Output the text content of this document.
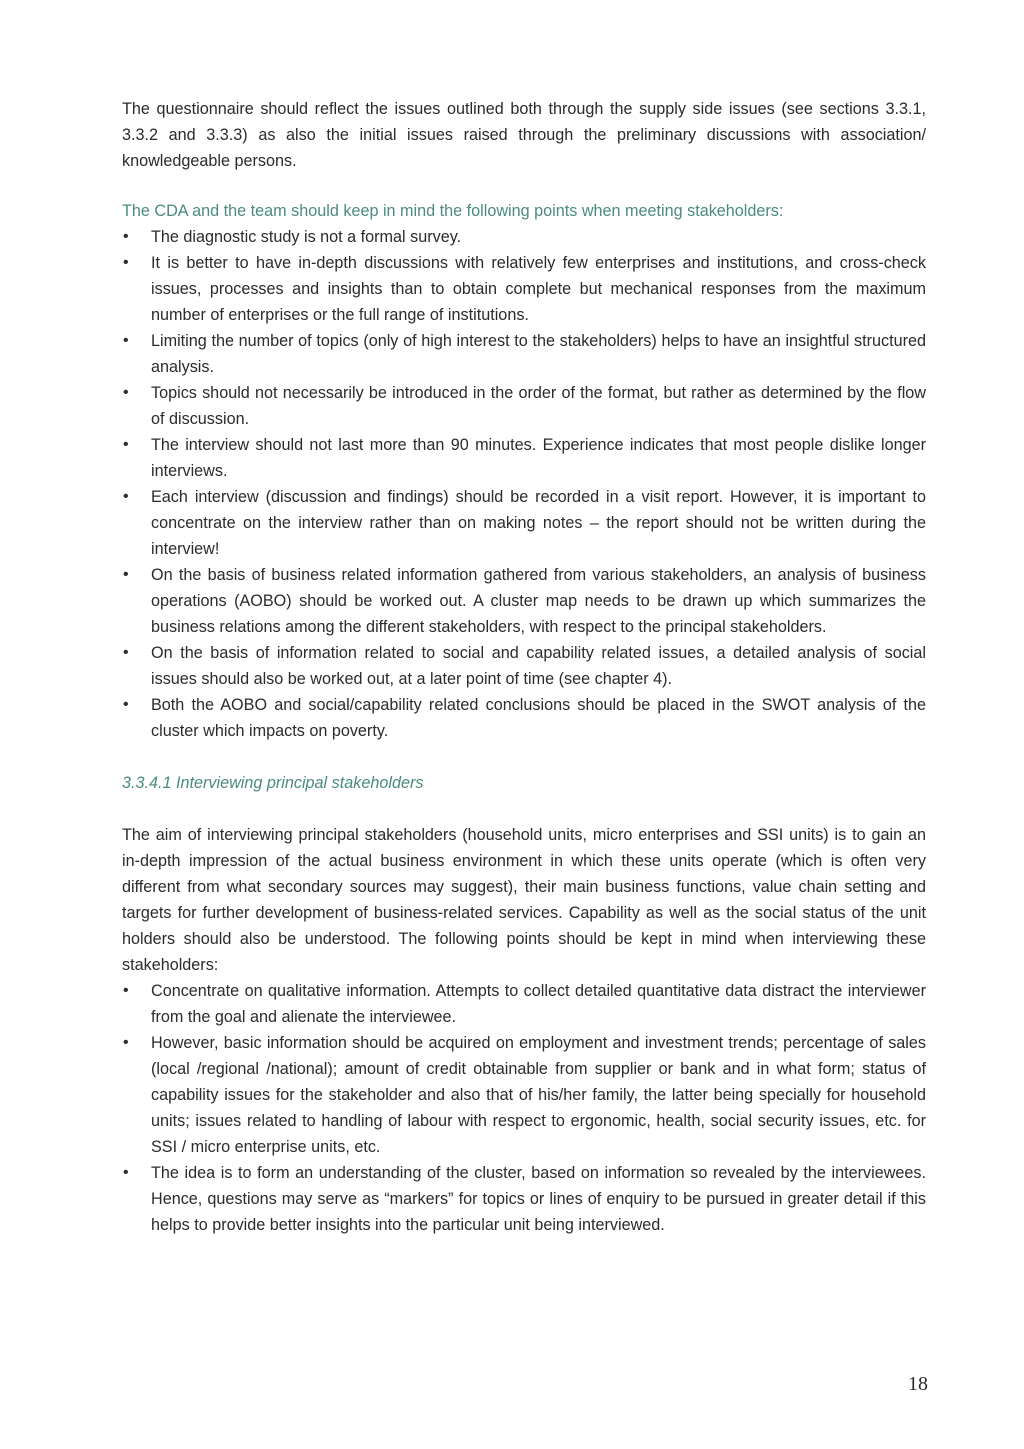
The questionnaire should reflect the issues outlined both through the supply side issues (see sections 3.3.1, 3.3.2 and 3.3.3) as also the initial issues raised through the preliminary discussions with association/ knowledgeable persons.

The CDA and the team should keep in mind the following points when meeting stakeholders:

• The diagnostic study is not a formal survey.
• It is better to have in-depth discussions with relatively few enterprises and institutions, and cross-check issues, processes and insights than to obtain complete but mechanical responses from the maximum number of enterprises or the full range of institutions.
• Limiting the number of topics (only of high interest to the stakeholders) helps to have an insightful structured analysis.
• Topics should not necessarily be introduced in the order of the format, but rather as determined by the flow of discussion.
• The interview should not last more than 90 minutes. Experience indicates that most people dislike longer interviews.
• Each interview (discussion and findings) should be recorded in a visit report. However, it is important to concentrate on the interview rather than on making notes – the report should not be written during the interview!
• On the basis of business related information gathered from various stakeholders, an analysis of business operations (AOBO) should be worked out. A cluster map needs to be drawn up which summarizes the business relations among the different stakeholders, with respect to the principal stakeholders.
• On the basis of information related to social and capability related issues, a detailed analysis of social issues should also be worked out, at a later point of time (see chapter 4).
• Both the AOBO and social/capability related conclusions should be placed in the SWOT analysis of the cluster which impacts on poverty.

3.3.4.1 Interviewing principal stakeholders

The aim of interviewing principal stakeholders (household units, micro enterprises and SSI units) is to gain an in-depth impression of the actual business environment in which these units operate (which is often very different from what secondary sources may suggest), their main business functions, value chain setting and targets for further development of business-related services. Capability as well as the social status of the unit holders should also be understood. The following points should be kept in mind when interviewing these stakeholders:

• Concentrate on qualitative information. Attempts to collect detailed quantitative data distract the interviewer from the goal and alienate the interviewee.
• However, basic information should be acquired on employment and investment trends; percentage of sales (local /regional /national); amount of credit obtainable from supplier or bank and in what form; status of capability issues for the stakeholder and also that of his/her family, the latter being specially for household units; issues related to handling of labour with respect to ergonomic, health, social security issues, etc. for SSI / micro enterprise units, etc.
• The idea is to form an understanding of the cluster, based on information so revealed by the interviewees. Hence, questions may serve as “markers” for topics or lines of enquiry to be pursued in greater detail if this helps to provide better insights into the particular unit being interviewed.
18
